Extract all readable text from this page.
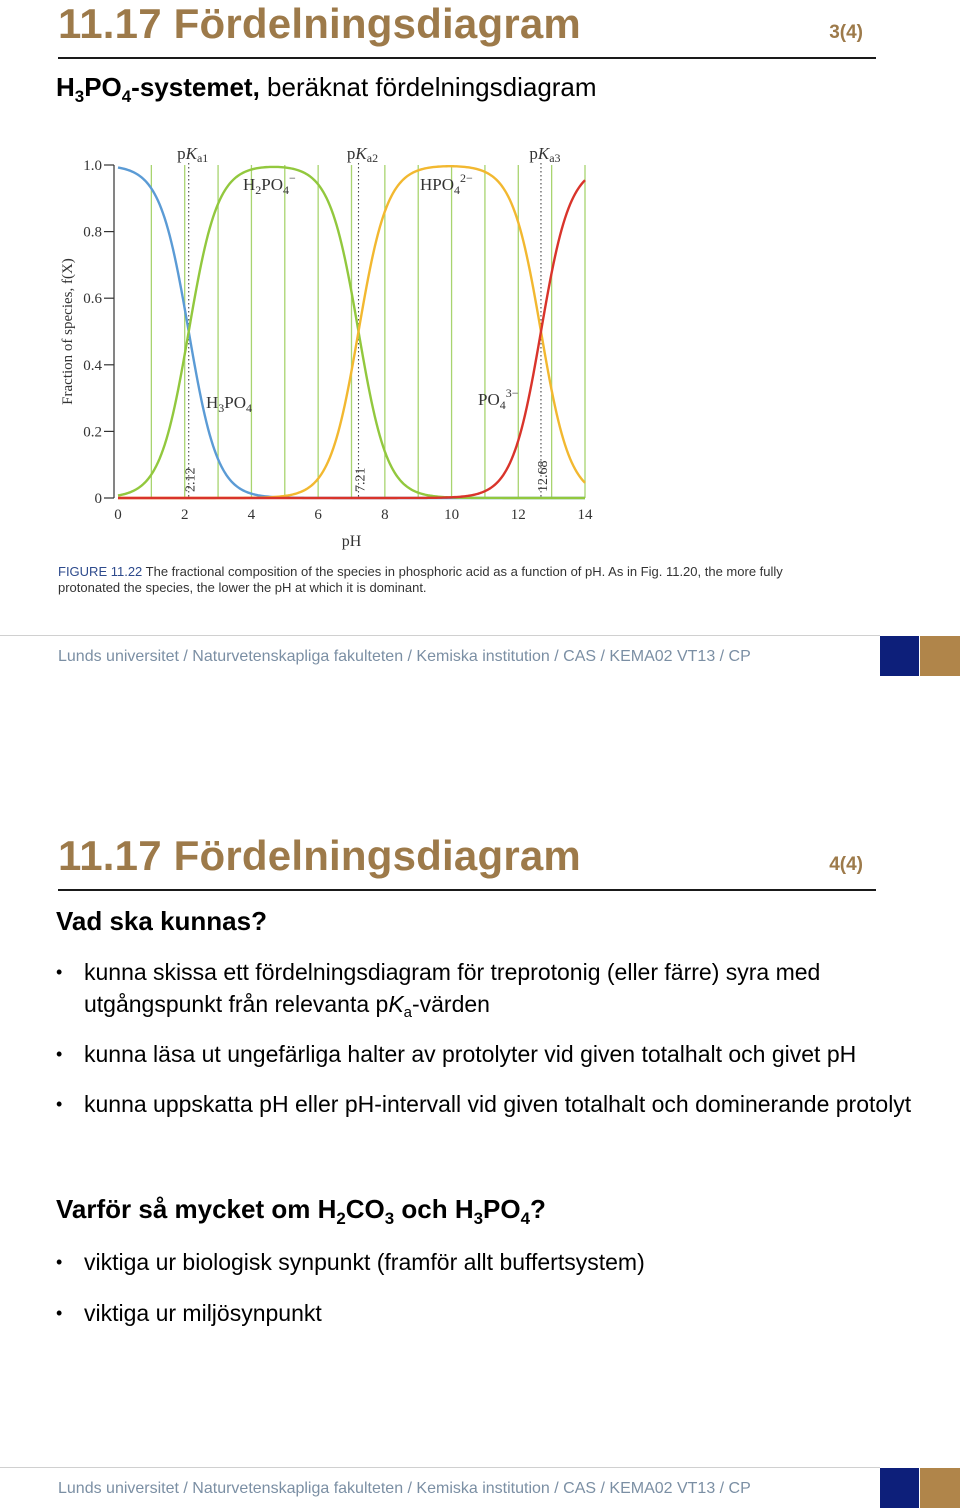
11.17 Fördelningsdiagram	3(4)
$H_3PO_4$-systemet, beräknat fördelningsdiagram
0
0.2
0.4
0.6
0.8
1.0
0	2	4	6	8	10	12	14
pH
Fraction of species, f(X)
2.12	7.21	12.68
pKa1	pKa2	pKa3
$H_3PO_4$
$H_2PO_4^-$	$HPO_4^{2-}$
$PO_4^{3-}$
FIGURE 11.22 The fractional composition of the species in phosphoric acid as a function of pH. As in Fig. 11.20, the more fully protonated the species, the lower the pH at which it is dominant.
Lunds universitet / Naturvetenskapliga fakulteten / Kemiska institution / CAS / KEMA02 VT13 / CP
11.17 Fördelningsdiagram	4(4)
Vad ska kunnas?
• kunna skissa ett fördelningsdiagram för treprotonig (eller färre) syra med utgångspunkt från relevanta $pK_a$-värden
• kunna läsa ut ungefärliga halter av protolyter vid given totalhalt och givet pH
• kunna uppskatta pH eller pH-intervall vid given totalhalt och dominerande protolyt
Varför så mycket om $H_2CO_3$ och $H_3PO_4$?
• viktiga ur biologisk synpunkt (framför allt buffertsystem)
• viktiga ur miljösynpunkt
Lunds universitet / Naturvetenskapliga fakulteten / Kemiska institution / CAS / KEMA02 VT13 / CP
